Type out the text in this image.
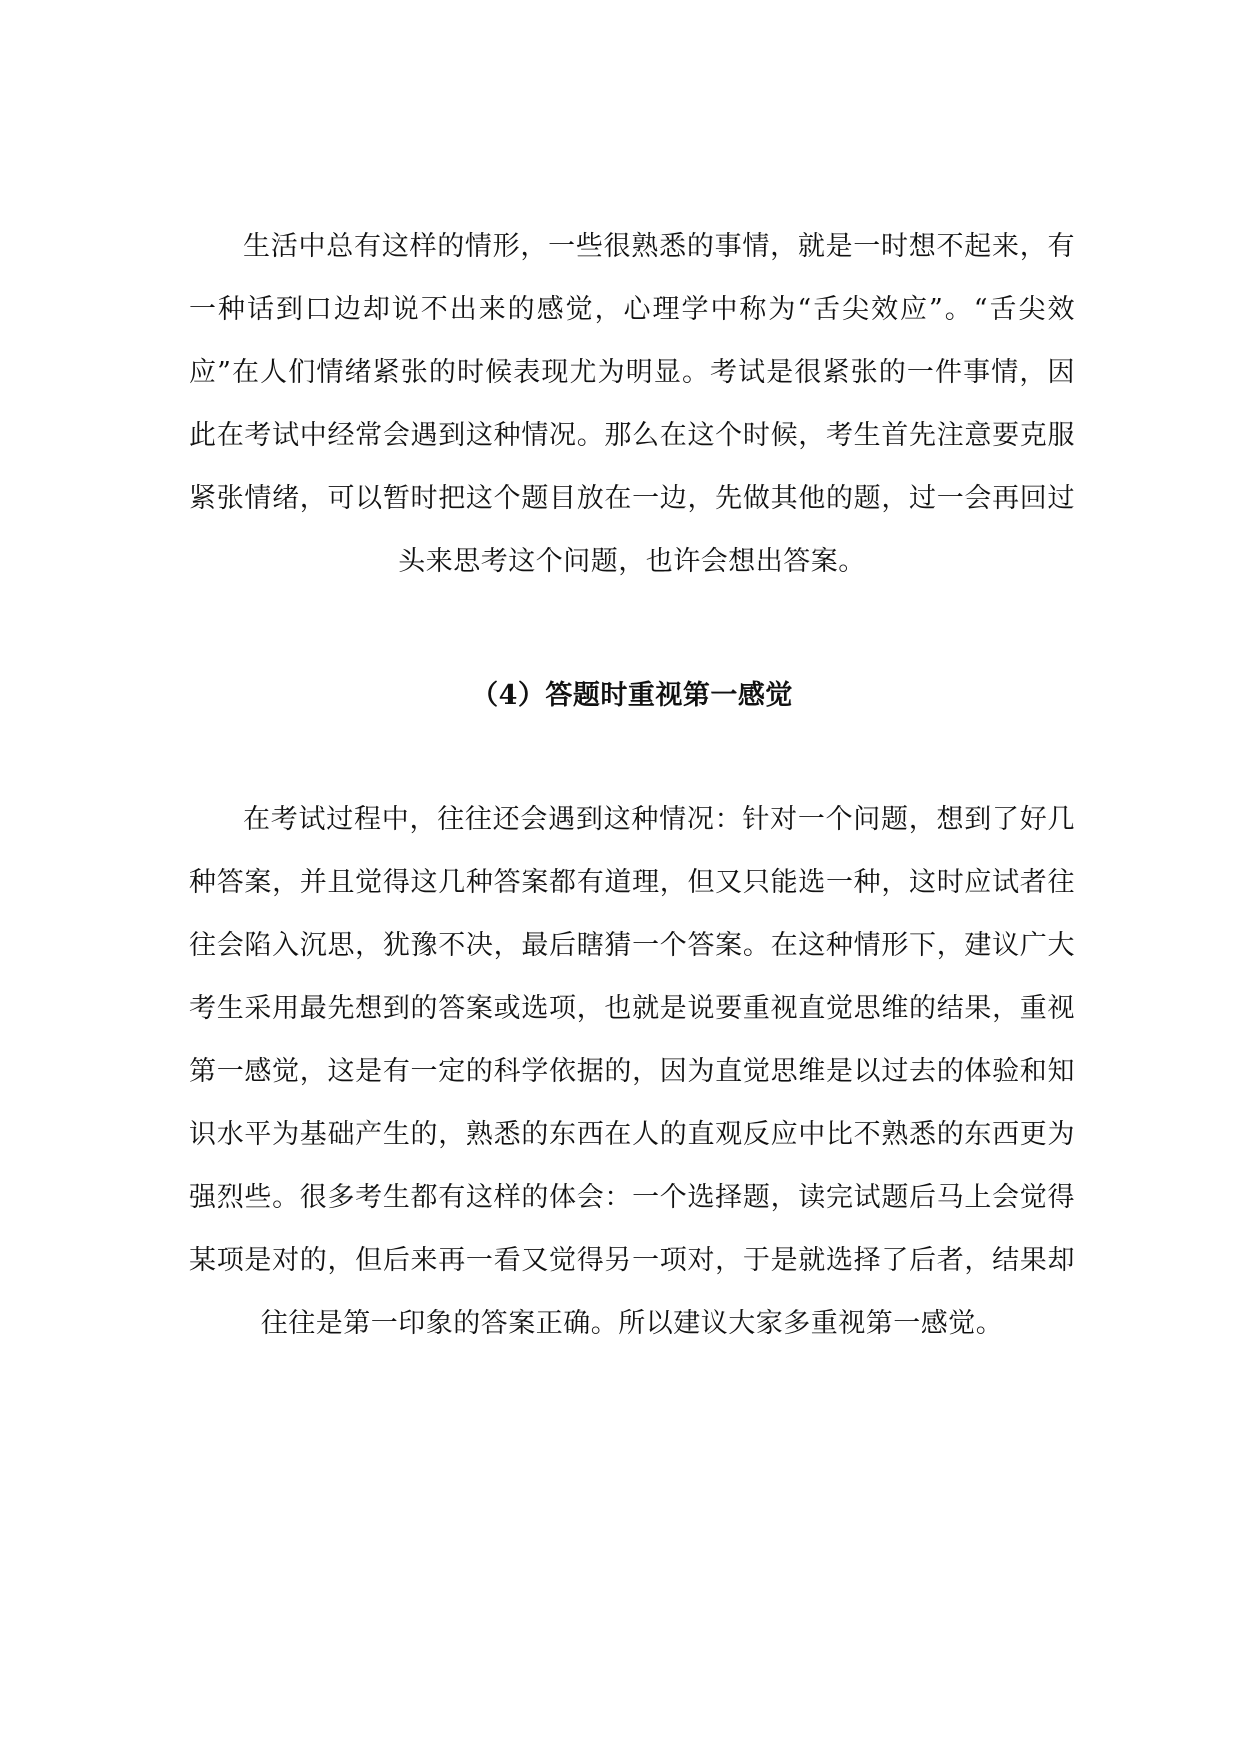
生活中总有这样的情形，一些很熟悉的事情，就是一时想不起来，有一种话到口边却说不出来的感觉，心理学中称为“舌尖效应”。“舌尖效应”在人们情绪紧张的时候表现尤为明显。考试是很紧张的一件事情，因此在考试中经常会遇到这种情况。那么在这个时候，考生首先注意要克服紧张情绪，可以暂时把这个题目放在一边，先做其他的题，过一会再回过头来思考这个问题，也许会想出答案。

（4）答题时重视第一感觉

在考试过程中，往往还会遇到这种情况：针对一个问题，想到了好几种答案，并且觉得这几种答案都有道理，但又只能选一种，这时应试者往往会陷入沉思，犹豫不决，最后瞎猜一个答案。在这种情形下，建议广大考生采用最先想到的答案或选项，也就是说要重视直觉思维的结果，重视第一感觉，这是有一定的科学依据的，因为直觉思维是以过去的体验和知识水平为基础产生的，熟悉的东西在人的直观反应中比不熟悉的东西更为强烈些。很多考生都有这样的体会：一个选择题，读完试题后马上会觉得某项是对的，但后来再一看又觉得另一项对，于是就选择了后者，结果却往往是第一印象的答案正确。所以建议大家多重视第一感觉。
